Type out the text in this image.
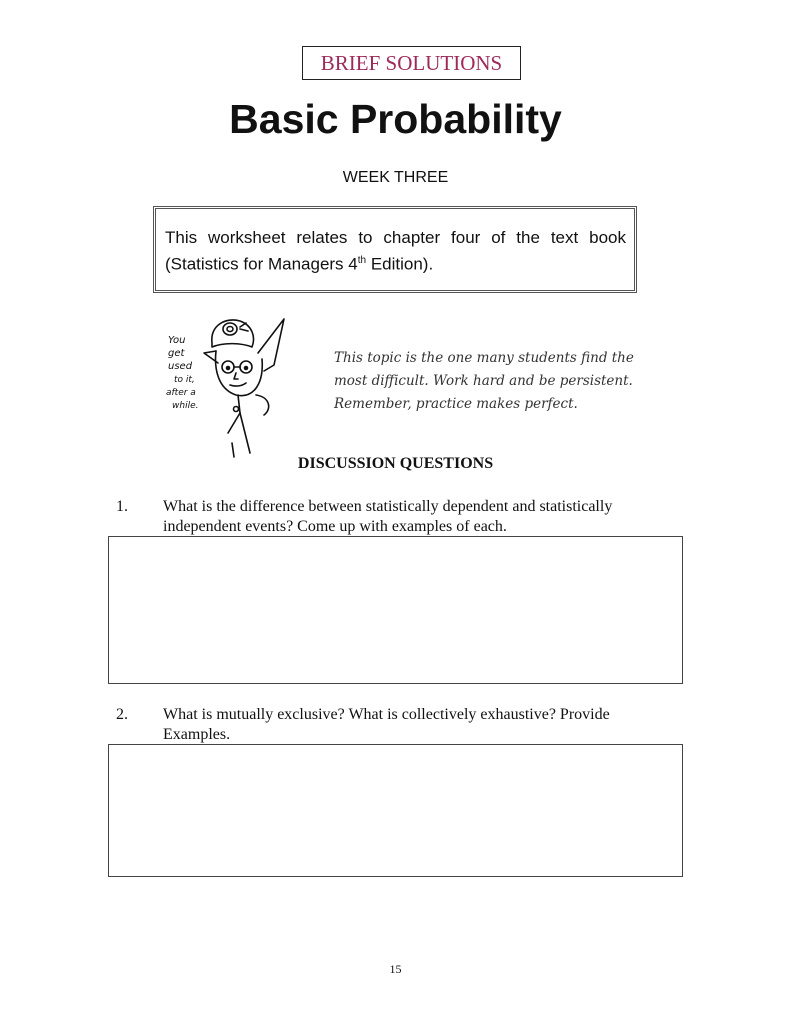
BRIEF SOLUTIONS
Basic Probability
WEEK THREE
This worksheet relates to chapter four of the text book (Statistics for Managers 4th Edition).
You
get
used
to it,
after a
while.
This topic is the one many students find the
most difficult. Work hard and be persistent.
Remember, practice makes perfect.
DISCUSSION QUESTIONS
1. What is the difference between statistically dependent and statistically
independent events? Come up with examples of each.
2. What is mutually exclusive? What is collectively exhaustive? Provide
Examples.
15
